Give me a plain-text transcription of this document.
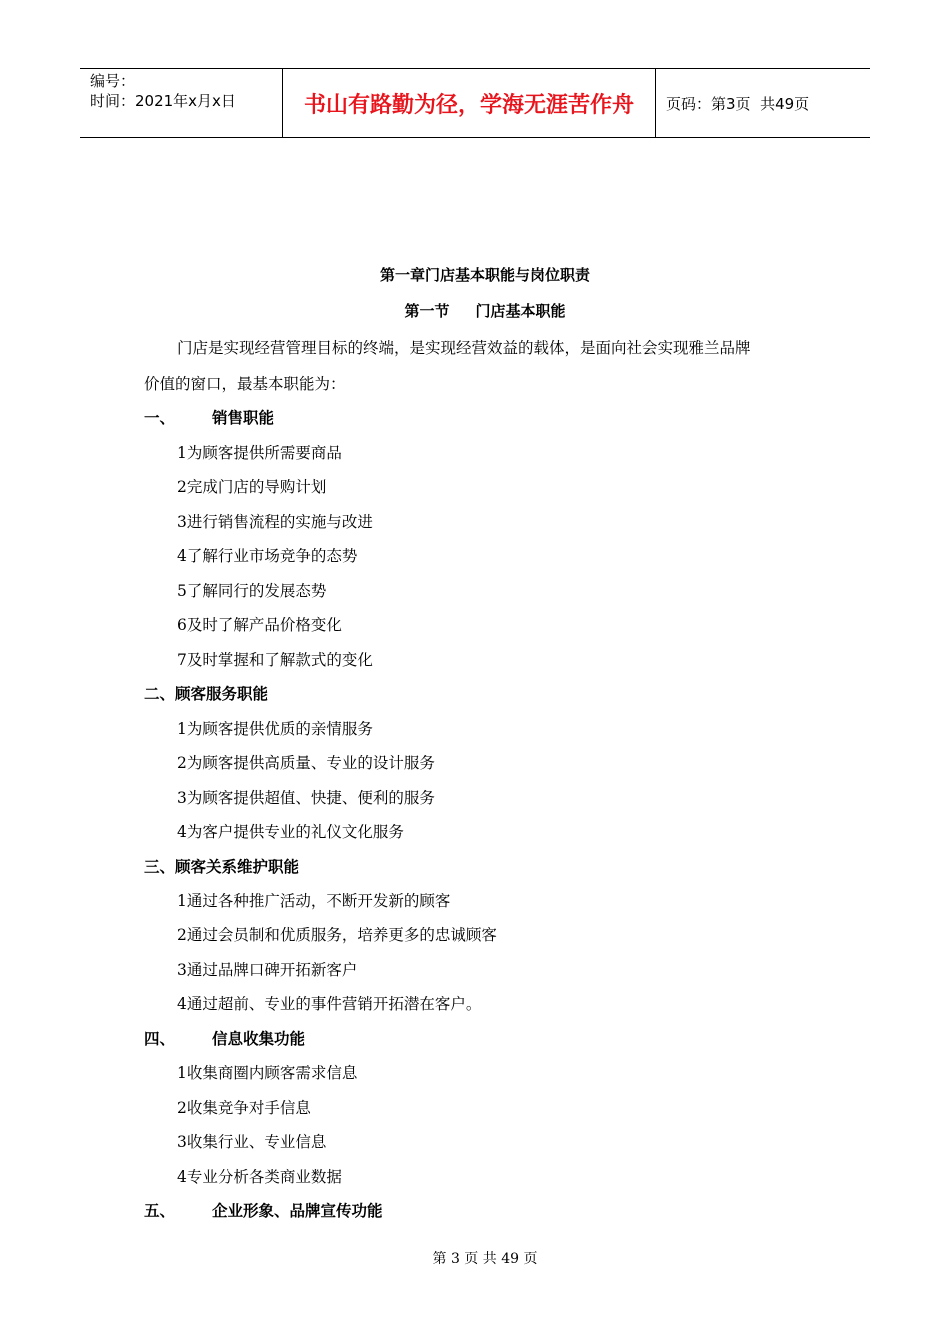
编号：
时间：2021年x月x日	书山有路勤为径，学海无涯苦作舟	页码：第3页  共49页
第一章门店基本职能与岗位职责
第一节 门店基本职能
门店是实现经营管理目标的终端，是实现经营效益的载体，是面向社会实现雅兰品牌
价值的窗口，最基本职能为：
一、 销售职能
1为顾客提供所需要商品
2完成门店的导购计划
3进行销售流程的实施与改进
4了解行业市场竞争的态势
5了解同行的发展态势
6及时了解产品价格变化
7及时掌握和了解款式的变化
二、顾客服务职能
1为顾客提供优质的亲情服务
2为顾客提供高质量、专业的设计服务
3为顾客提供超值、快捷、便利的服务
4为客户提供专业的礼仪文化服务
三、顾客关系维护职能
1通过各种推广活动，不断开发新的顾客
2通过会员制和优质服务，培养更多的忠诚顾客
3通过品牌口碑开拓新客户
4通过超前、专业的事件营销开拓潜在客户。
四、 信息收集功能
1收集商圈内顾客需求信息
2收集竞争对手信息
3收集行业、专业信息
4专业分析各类商业数据
五、 企业形象、品牌宣传功能
第 3 页 共 49 页
